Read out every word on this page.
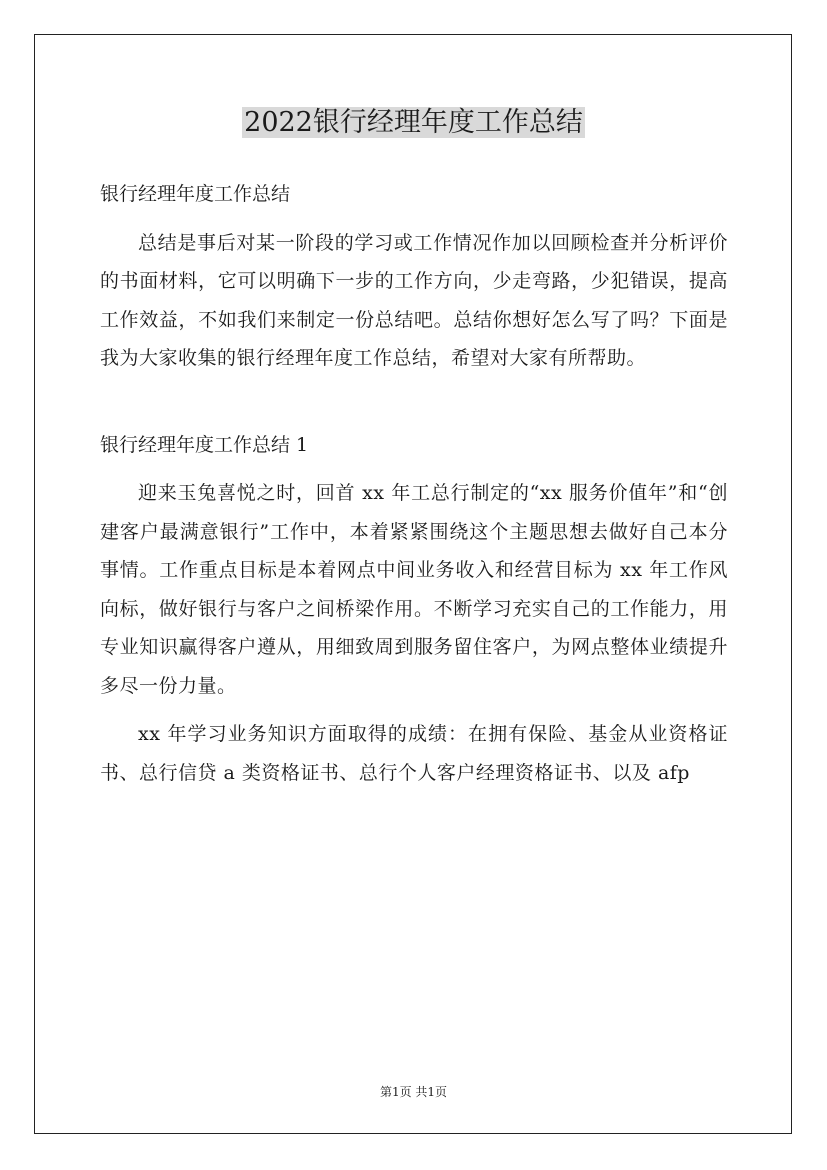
2022银行经理年度工作总结

银行经理年度工作总结

总结是事后对某一阶段的学习或工作情况作加以回顾检查并分析评价的书面材料，它可以明确下一步的工作方向，少走弯路，少犯错误，提高工作效益，不如我们来制定一份总结吧。总结你想好怎么写了吗？下面是我为大家收集的银行经理年度工作总结，希望对大家有所帮助。

银行经理年度工作总结 1

迎来玉兔喜悦之时，回首 xx 年工总行制定的“xx 服务价值年”和“创建客户最满意银行”工作中，本着紧紧围绕这个主题思想去做好自己本分事情。工作重点目标是本着网点中间业务收入和经营目标为 xx 年工作风向标，做好银行与客户之间桥梁作用。不断学习充实自己的工作能力，用专业知识赢得客户遵从，用细致周到服务留住客户，为网点整体业绩提升多尽一份力量。

xx 年学习业务知识方面取得的成绩：在拥有保险、基金从业资格证书、总行信贷 a 类资格证书、总行个人客户经理资格证书、以及 afp

第1页 共1页
